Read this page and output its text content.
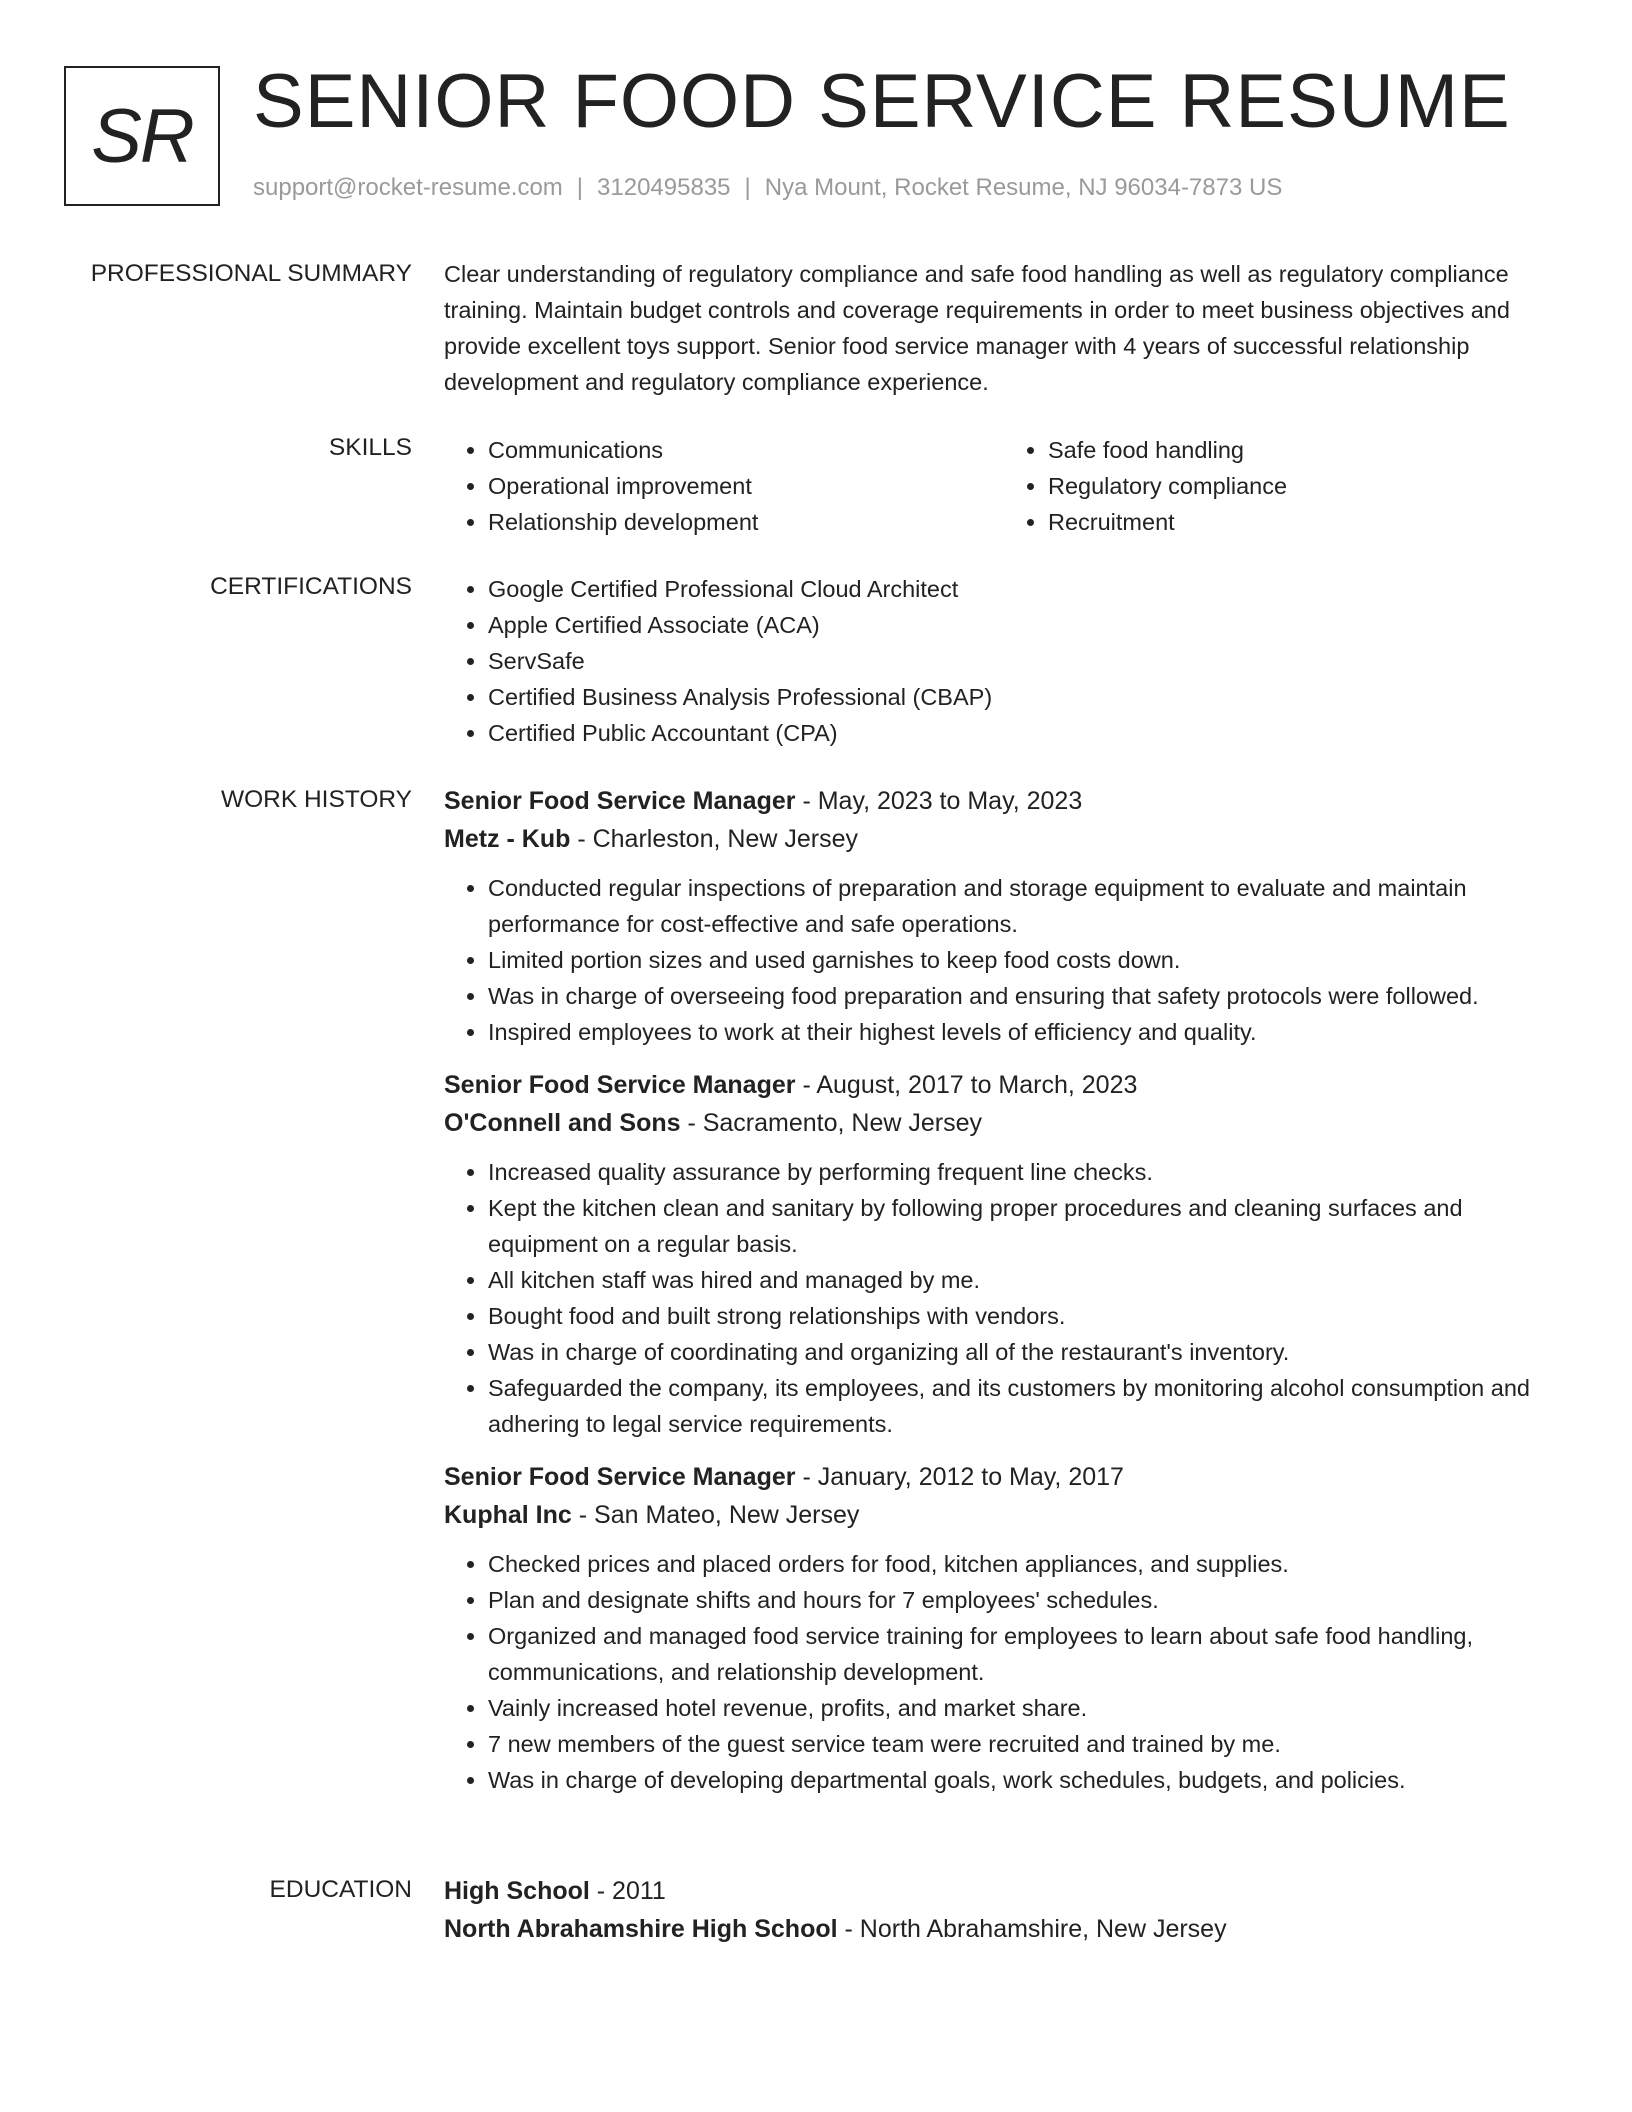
SR SENIOR FOOD SERVICE RESUME
support@rocket-resume.com | 3120495835 | Nya Mount, Rocket Resume, NJ 96034-7873 US
PROFESSIONAL SUMMARY Clear understanding of regulatory compliance and safe food handling as well as regulatory compliance training. Maintain budget controls and coverage requirements in order to meet business objectives and provide excellent toys support. Senior food service manager with 4 years of successful relationship development and regulatory compliance experience.

SKILLS	• Communications
• Operational improvement
• Relationship development
• Safe food handling
• Regulatory compliance
• Recruitment
CERTIFICATIONS	• Google Certified Professional Cloud Architect
• Apple Certified Associate (ACA)
• ServSafe
• Certified Business Analysis Professional (CBAP)
• Certified Public Accountant (CPA)
WORK HISTORY Senior Food Service Manager - May, 2023 to May, 2023
Metz - Kub - Charleston, New Jersey
• Conducted regular inspections of preparation and storage equipment to evaluate and maintain performance for cost-effective and safe operations.
• Limited portion sizes and used garnishes to keep food costs down.
• Was in charge of overseeing food preparation and ensuring that safety protocols were followed.
• Inspired employees to work at their highest levels of efficiency and quality.
Senior Food Service Manager - August, 2017 to March, 2023
O'Connell and Sons - Sacramento, New Jersey
• Increased quality assurance by performing frequent line checks.
• Kept the kitchen clean and sanitary by following proper procedures and cleaning surfaces and equipment on a regular basis.
• All kitchen staff was hired and managed by me.
• Bought food and built strong relationships with vendors.
• Was in charge of coordinating and organizing all of the restaurant's inventory.
• Safeguarded the company, its employees, and its customers by monitoring alcohol consumption and adhering to legal service requirements.
Senior Food Service Manager - January, 2012 to May, 2017
Kuphal Inc - San Mateo, New Jersey
• Checked prices and placed orders for food, kitchen appliances, and supplies.
• Plan and designate shifts and hours for 7 employees' schedules.
• Organized and managed food service training for employees to learn about safe food handling, communications, and relationship development.
• Vainly increased hotel revenue, profits, and market share.
• 7 new members of the guest service team were recruited and trained by me.
• Was in charge of developing departmental goals, work schedules, budgets, and policies.
EDUCATION High School - 2011
North Abrahamshire High School - North Abrahamshire, New Jersey
